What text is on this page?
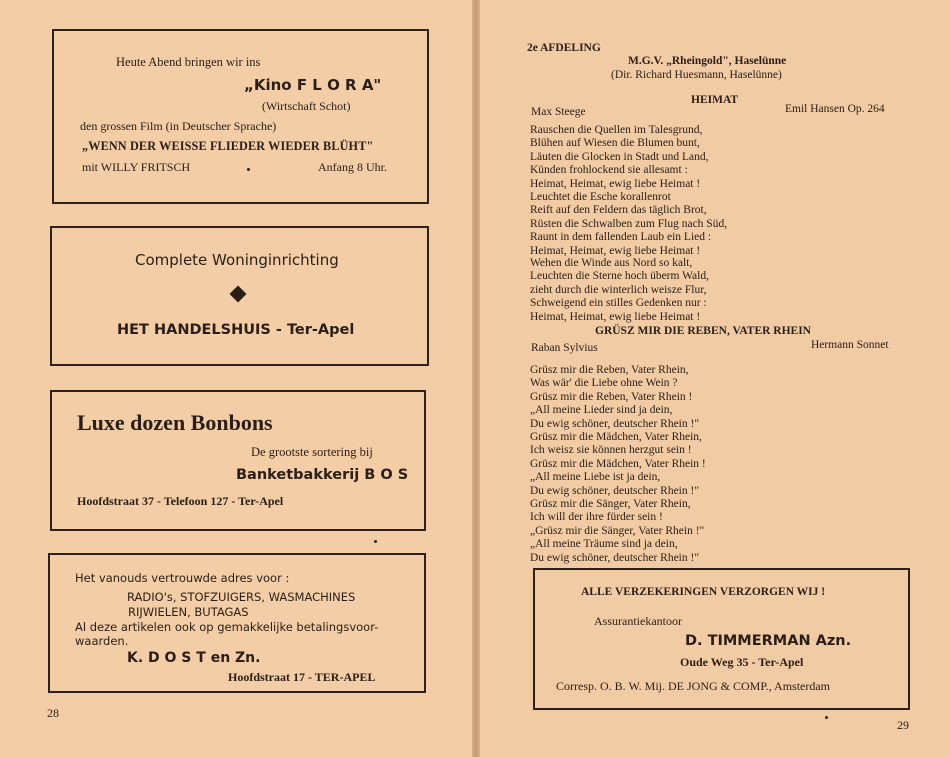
Heute Abend bringen wir ins
„Kino F L O R A"
(Wirtschaft Schot)
den grossen Film (in Deutscher Sprache)
„WENN DER WEISSE FLIEDER WIEDER BLÜHT"
mit WILLY FRITSCH	Anfang 8 Uhr.
Complete Woninginrichting
HET HANDELSHUIS - Ter-Apel
Luxe dozen Bonbons
De grootste sortering bij
Banketbakkerij B O S
Hoofdstraat 37 - Telefoon 127 - Ter-Apel
Het vanouds vertrouwde adres voor :
RADIO's, STOFZUIGERS, WASMACHINES
RIJWIELEN, BUTAGAS
Al deze artikelen ook op gemakkelijke betalingsvoor-
waarden.
K. D O S T en Zn.
Hoofdstraat 17 - TER-APEL
28
2e AFDELING
M.G.V. „Rheingold", Haselünne
(Dir. Richard Huesmann, Haselünne)
HEIMAT
Max Steege	Emil Hansen Op. 264
Rauschen die Quellen im Talesgrund,
Blühen auf Wiesen die Blumen bunt,
Läuten die Glocken in Stadt und Land,
Künden frohlockend sie allesamt :
Heimat, Heimat, ewig liebe Heimat !
Leuchtet die Esche korallenrot
Reift auf den Feldern das täglich Brot,
Rüsten die Schwalben zum Flug nach Süd,
Raunt in dem fallenden Laub ein Lied :
Heimat, Heimat, ewig liebe Heimat !
Wehen die Winde aus Nord so kalt,
Leuchten die Sterne hoch überm Wald,
zieht durch die winterlich weisze Flur,
Schweigend ein stilles Gedenken nur :
Heimat, Heimat, ewig liebe Heimat !
GRÜSZ MIR DIE REBEN, VATER RHEIN
Raban Sylvius	Hermann Sonnet
Grüsz mir die Reben, Vater Rhein,
Was wär' die Liebe ohne Wein ?
Grüsz mir die Reben, Vater Rhein !
„All meine Lieder sind ja dein,
Du ewig schöner, deutscher Rhein !"
Grüsz mir die Mädchen, Vater Rhein,
Ich weisz sie können herzgut sein !
Grüsz mir die Mädchen, Vater Rhein !
„All meine Liebe ist ja dein,
Du ewig schöner, deutscher Rhein !"
Grüsz mir die Sänger, Vater Rhein,
Ich will der ihre fürder sein !
„Grüsz mir die Sänger, Vater Rhein !"
„All meine Träume sind ja dein,
Du ewig schöner, deutscher Rhein !"
ALLE VERZEKERINGEN VERZORGEN WIJ !
Assurantiekantoor
D. TIMMERMAN Azn.
Oude Weg 35 - Ter-Apel
Corresp. O. B. W. Mij. DE JONG & COMP., Amsterdam
29
